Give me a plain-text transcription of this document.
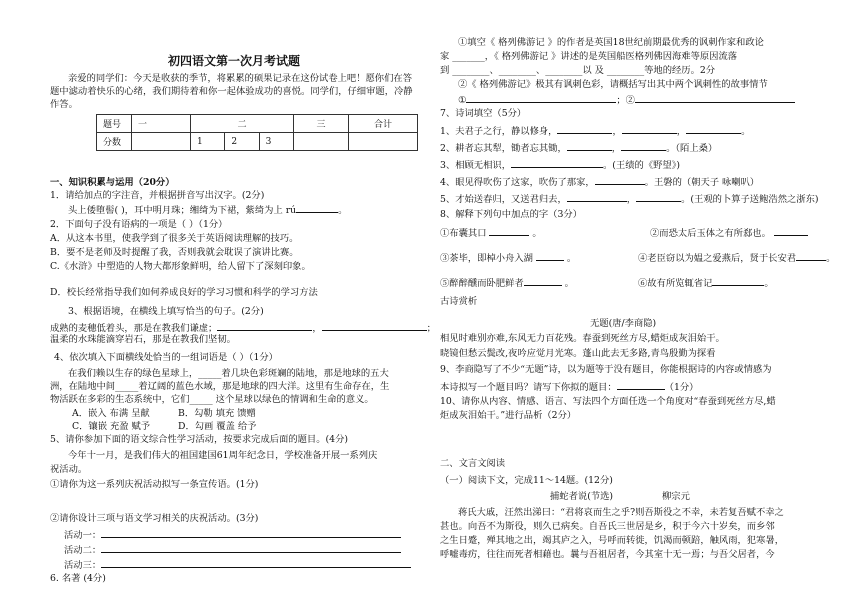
初四语文第一次月考试题
亲爱的同学们：今天是收获的季节，将累累的硕果记录在这份试卷上吧！愿你们在答
题中滤动着快乐的心绪，我们期待着和你一起体验成功的喜悦。同学们，仔细审题，冷静
作答。
题号	一	二			三	合计
分数		1	2	3		
一、知识积累与运用（20分）
1．请给加点的字注音，并根据拼音写出汉字。(2分)
头上倭堕髻( )，耳中明月珠；缃绮为下裙，紫绮为上 rú	。
2．下面句子没有语病的一项是（ ）（1分）
A．从这本书里，使我学到了很多关于英语阅读理解的技巧。
B．要不是老师及时提醒了我，否则我就会耽误了演讲比赛。
C.《水浒》中塑造的人物大都形象鲜明，给人留下了深刻印象。
D．校长经常指导我们如何养成良好的学习习惯和科学的学习方法
3、根据语境，在横线上填写恰当的句子。(2分)
成熟的麦穗低着头，那是在教我们谦虚；	，	；
温柔的水珠能滴穿岩石，那是在教我们坚韧。
4、依次填入下面横线处恰当的一组词语是（ ）（1分）
在我们赖以生存的绿色星球上，_____着几块色彩斑斓的陆地，那是地球的五大
洲，在陆地中间_____着辽阔的蓝色水域，那是地球的四大洋。这里有生命存在，生
物活跃在多彩的生态系统中，它们_____ 这个星球以绿色的情调和生命的意义。
A．嵌入 布满 呈献	B．勾勒 填充 馈赠
C．镶嵌 充盈 赋予	D．勾画 覆盖 给予
5、请你参加下面的语文综合性学习活动，按要求完成后面的题目。(4分)
今年十一月，是我们伟大的祖国建国61周年纪念日，学校准备开展一系列庆
祝活动。
①请你为这一系列庆祝活动拟写一条宣传语。(1分)
②请你设计三项与语文学习相关的庆祝活动。(3分)
活动一：
活动二：
活动三：
6. 名著 (4分)
①填空《 格列佛游记 》的作者是英国18世纪前期最优秀的讽刺作家和政论
家 _______，《 格列佛游记 》讲述的是英国船医格列佛因海难等原因流落
到 ________、________、________以 及 ________等地的经历。2分
②《 格列佛游记》极其有讽刺色彩，请概括写出其中两个讽刺性的故事情节
①	；②
7、诗词填空（5分）
1、夫君子之行，静以修身，	，	，	。
2、耕者忘其犁，锄者忘其锄，	，	。（陌上桑）
3、相顾无相识，	。(王绩的《野望》)
4、眼见得吹伤了这家，吹伤了那家，	。王磐的（朝天子 咏喇叭）
5、才始送春归，又送君归去，	，	。(王观的卜算子送鲍浩然之浙东)
8、解释下列句中加点的字（3分）
①布囊其口	。	②而恐太后玉体之有所郄也。
③茶毕，即棹小舟入湖	。	④老臣窃以为媪之爱燕后，贤于长安君	。
⑤醉醉醺而卧肥鲜者	。	⑥故有所览辄省记	。
古诗赏析
无题(唐/李商隐)
相见时难别亦难,东风无力百花残。春蚕到死丝方尽,蜡炬成灰泪始干。
晓镜但愁云鬓改,夜吟应觉月光寒。蓬山此去无多路,青鸟殷勤为探看
9、李商隐写了不少“无题”诗，以为题等于没有题目，你能根据诗的内容或情感为
本诗拟写一个题目吗？请写下你拟的题目：	（1分）
10、请你从内容、情感、语言、写法四个方面任选一个角度对“春蚕到死丝方尽,蜡
炬成灰泪始干。”进行品析（2分）
二、文言文阅读
（一）阅读下文，完成11～14题。(12分)
捕蛇者说(节选)	柳宗元
蒋氏大戚，汪然出涕曰：“君将哀而生之乎?则吾斯役之不幸，未若复吾赋不幸之
甚也。向吾不为斯役，则久已病矣。自吾氏三世居是乡，积于今六十岁矣，而乡邻
之生日蹙，殚其地之出，竭其庐之入，号呼而转徙，饥渴而顿踣，触风雨，犯寒暑，
呼嘘毒疠，往往而死者相藉也。曩与吾祖居者，今其室十无一焉；与吾父居者，今
